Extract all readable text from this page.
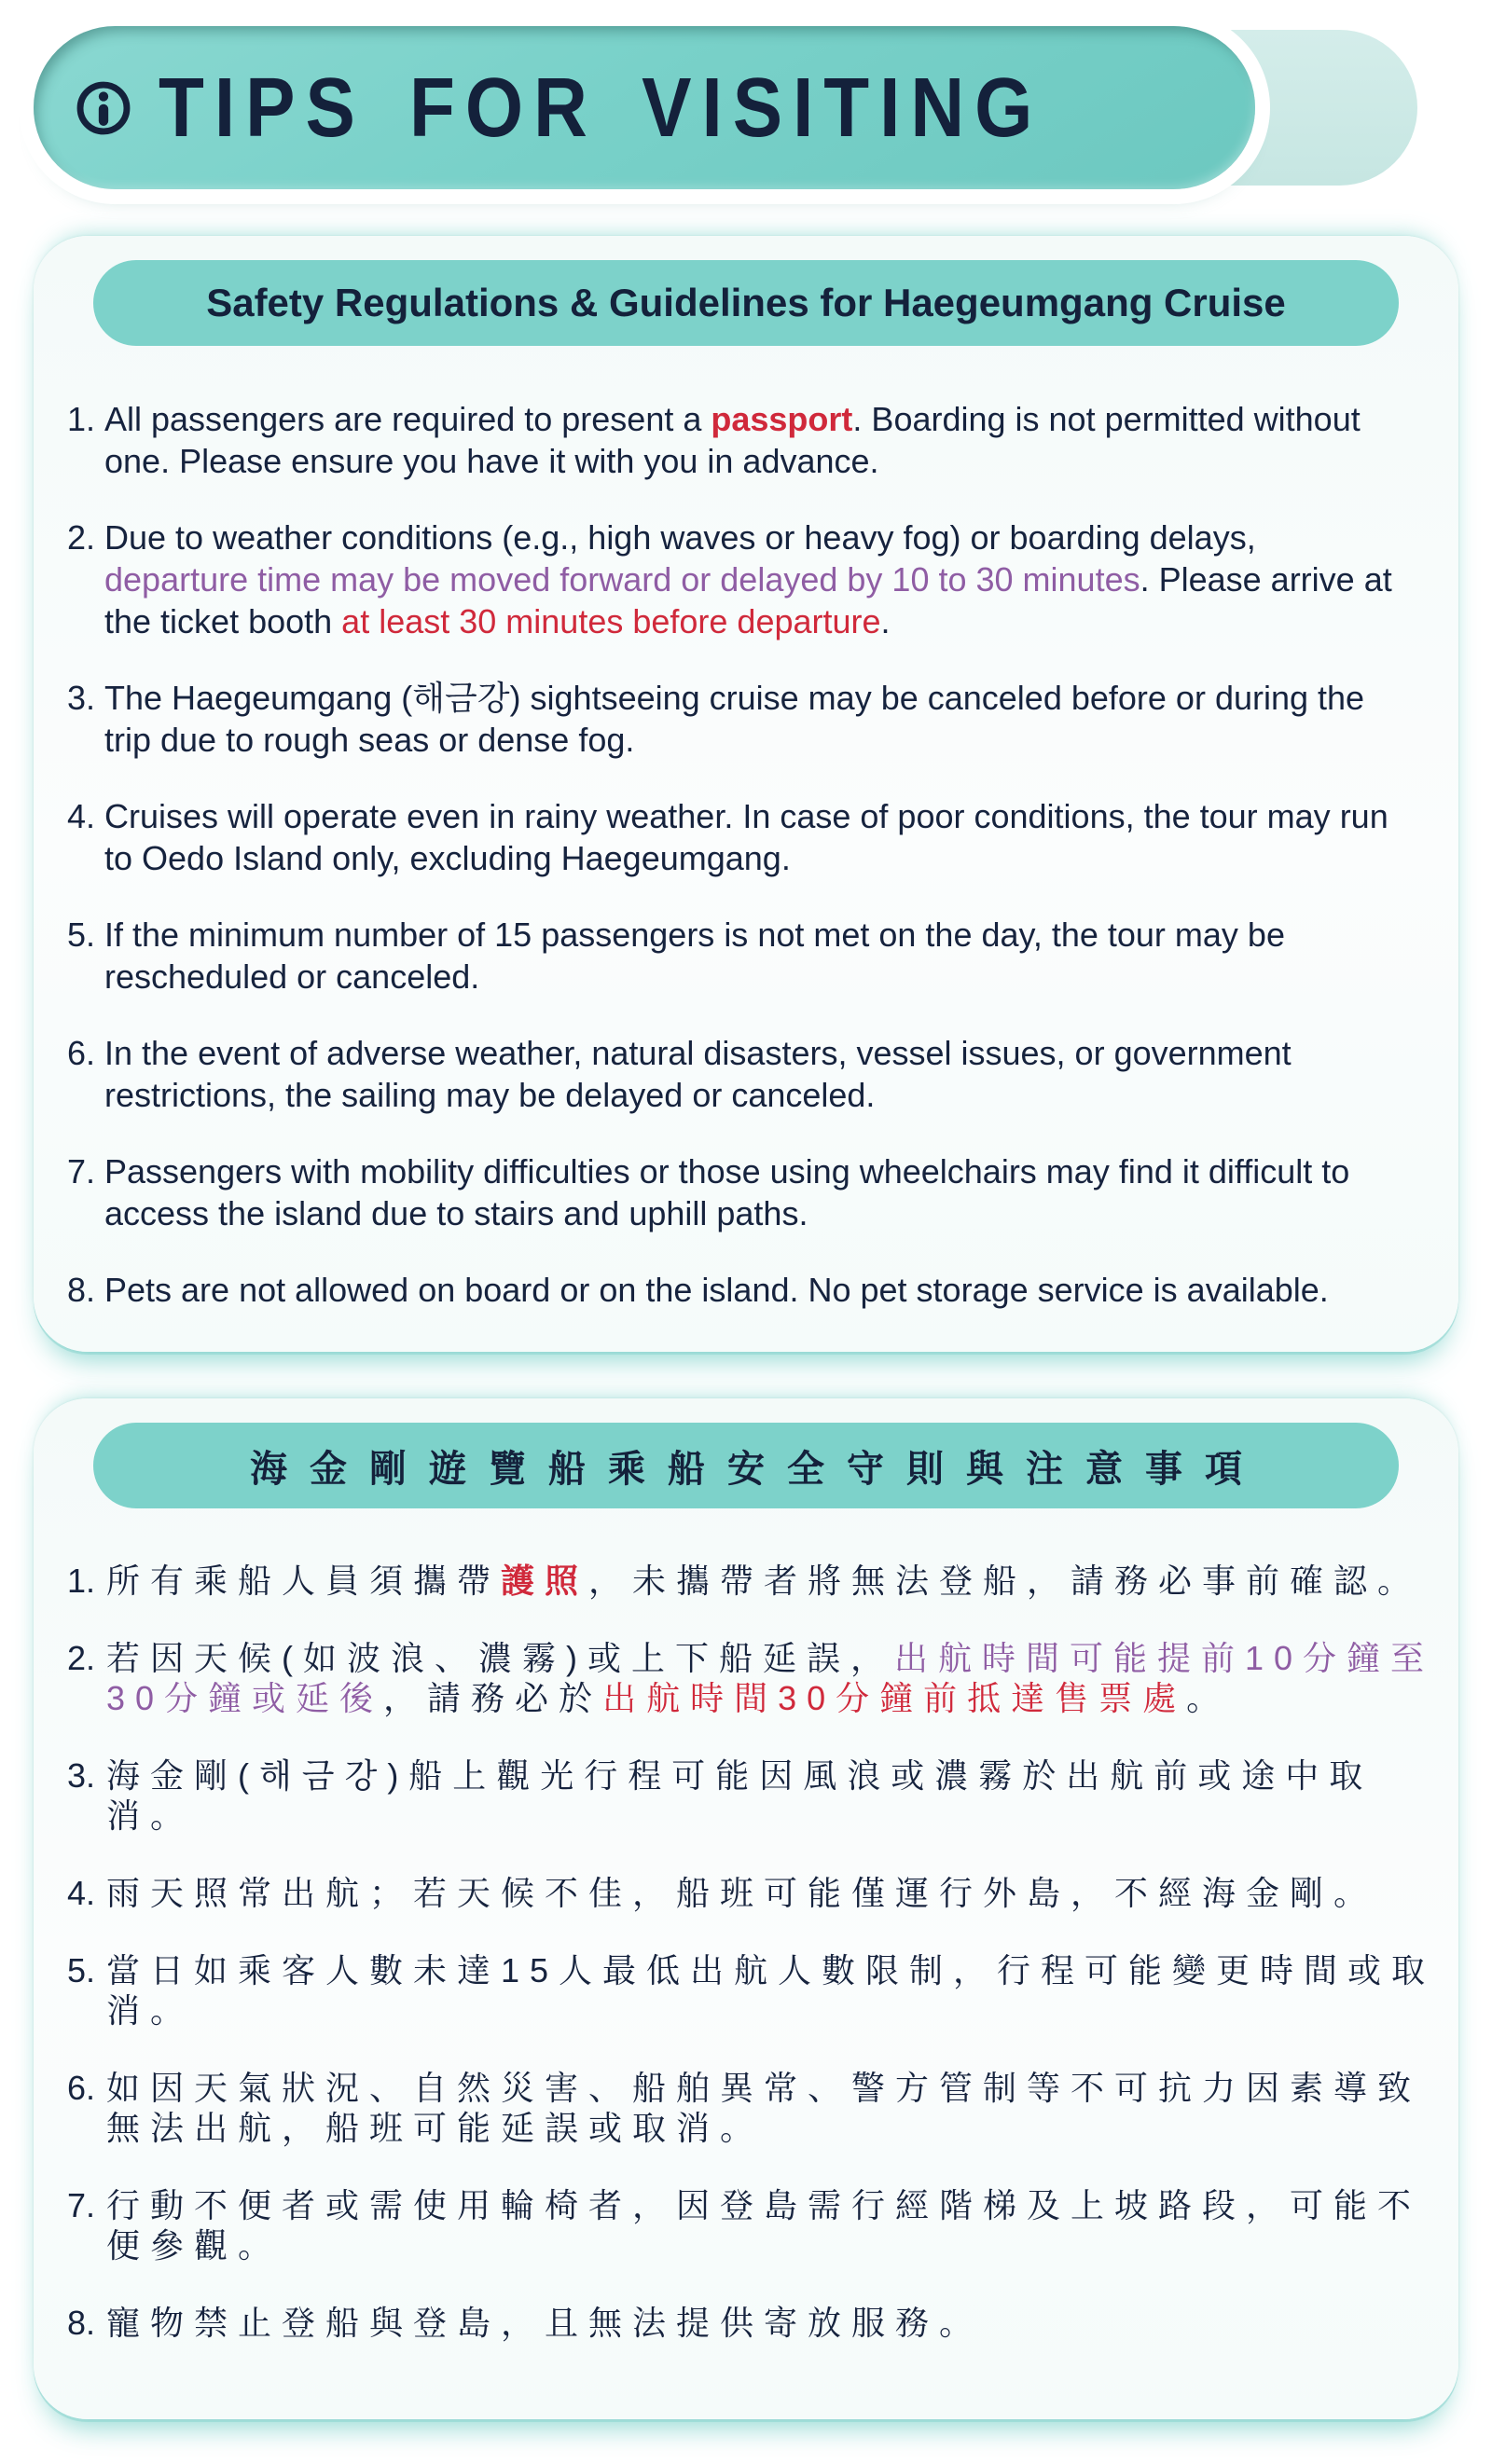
TIPS FOR VISITING
Safety Regulations & Guidelines for Haegeumgang Cruise
1. All passengers are required to present a passport. Boarding is not permitted without one. Please ensure you have it with you in advance.
2. Due to weather conditions (e.g., high waves or heavy fog) or boarding delays, departure time may be moved forward or delayed by 10 to 30 minutes. Please arrive at the ticket booth at least 30 minutes before departure.
3. The Haegeumgang (해금강) sightseeing cruise may be canceled before or during the trip due to rough seas or dense fog.
4. Cruises will operate even in rainy weather. In case of poor conditions, the tour may run to Oedo Island only, excluding Haegeumgang.
5. If the minimum number of 15 passengers is not met on the day, the tour may be rescheduled or canceled.
6. In the event of adverse weather, natural disasters, vessel issues, or government restrictions, the sailing may be delayed or canceled.
7. Passengers with mobility difficulties or those using wheelchairs may find it difficult to access the island due to stairs and uphill paths.
8. Pets are not allowed on board or on the island. No pet storage service is available.
海金剛遊覽船乘船安全守則與注意事項
1. 所有乘船人員須攜帶護照，未攜帶者將無法登船，請務必事前確認。
2. 若因天候(如波浪、濃霧)或上下船延誤，出航時間可能提前10分鐘至30分鐘或延後，請務必於出航時間30分鐘前抵達售票處。
3. 海金剛(해금강)船上觀光行程可能因風浪或濃霧於出航前或途中取消。
4. 雨天照常出航；若天候不佳，船班可能僅運行外島，不經海金剛。
5. 當日如乘客人數未達15人最低出航人數限制，行程可能變更時間或取消。
6. 如因天氣狀況、自然災害、船舶異常、警方管制等不可抗力因素導致無法出航，船班可能延誤或取消。
7. 行動不便者或需使用輪椅者，因登島需行經階梯及上坡路段，可能不便參觀。
8. 寵物禁止登船與登島，且無法提供寄放服務。
